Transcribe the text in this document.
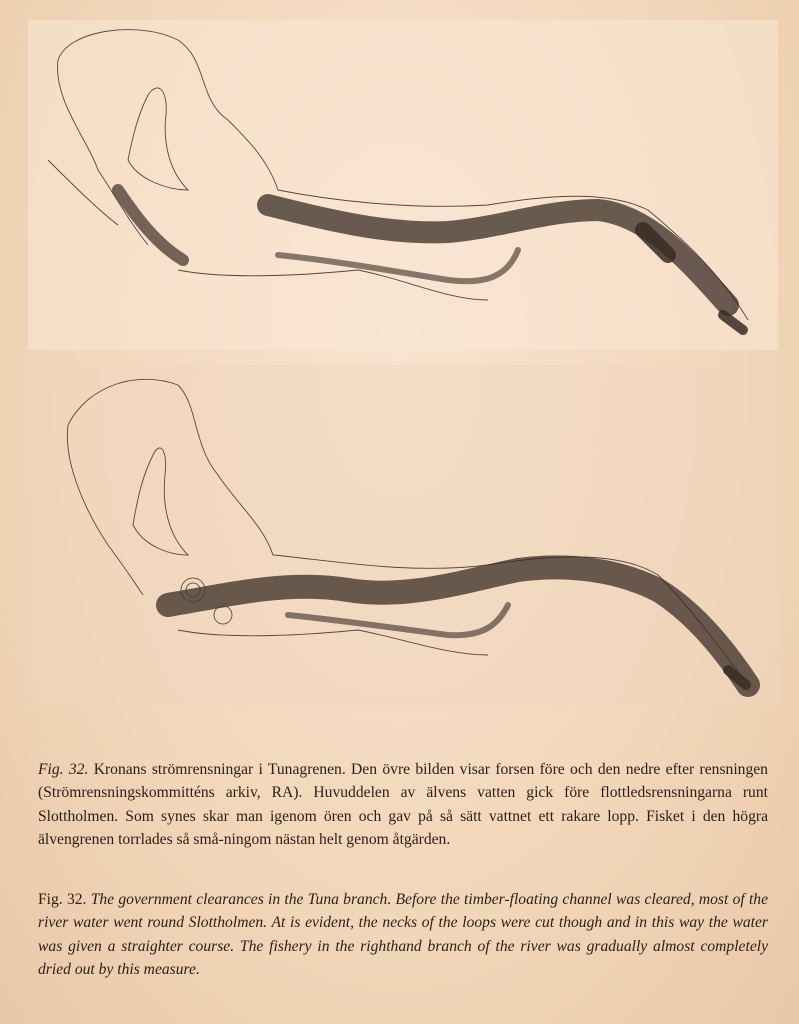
Fig. 32. Kronans strömrensningar i Tunagrenen. Den övre bilden visar forsen före och den nedre efter rensningen (Strömrensningskommitténs arkiv, RA). Huvuddelen av älvens vatten gick före flottledsrensningarna runt Slottholmen. Som synes skar man igenom ören och gav på så sätt vattnet ett rakare lopp. Fisket i den högra älvengrenen torrlades så små-ningom nästan helt genom åtgärden.

Fig. 32. The government clearances in the Tuna branch. Before the timber-floating channel was cleared, most of the river water went round Slottholmen. At is evident, the necks of the loops were cut though and in this way the water was given a straighter course. The fishery in the righthand branch of the river was gradually almost completely dried out by this measure.
